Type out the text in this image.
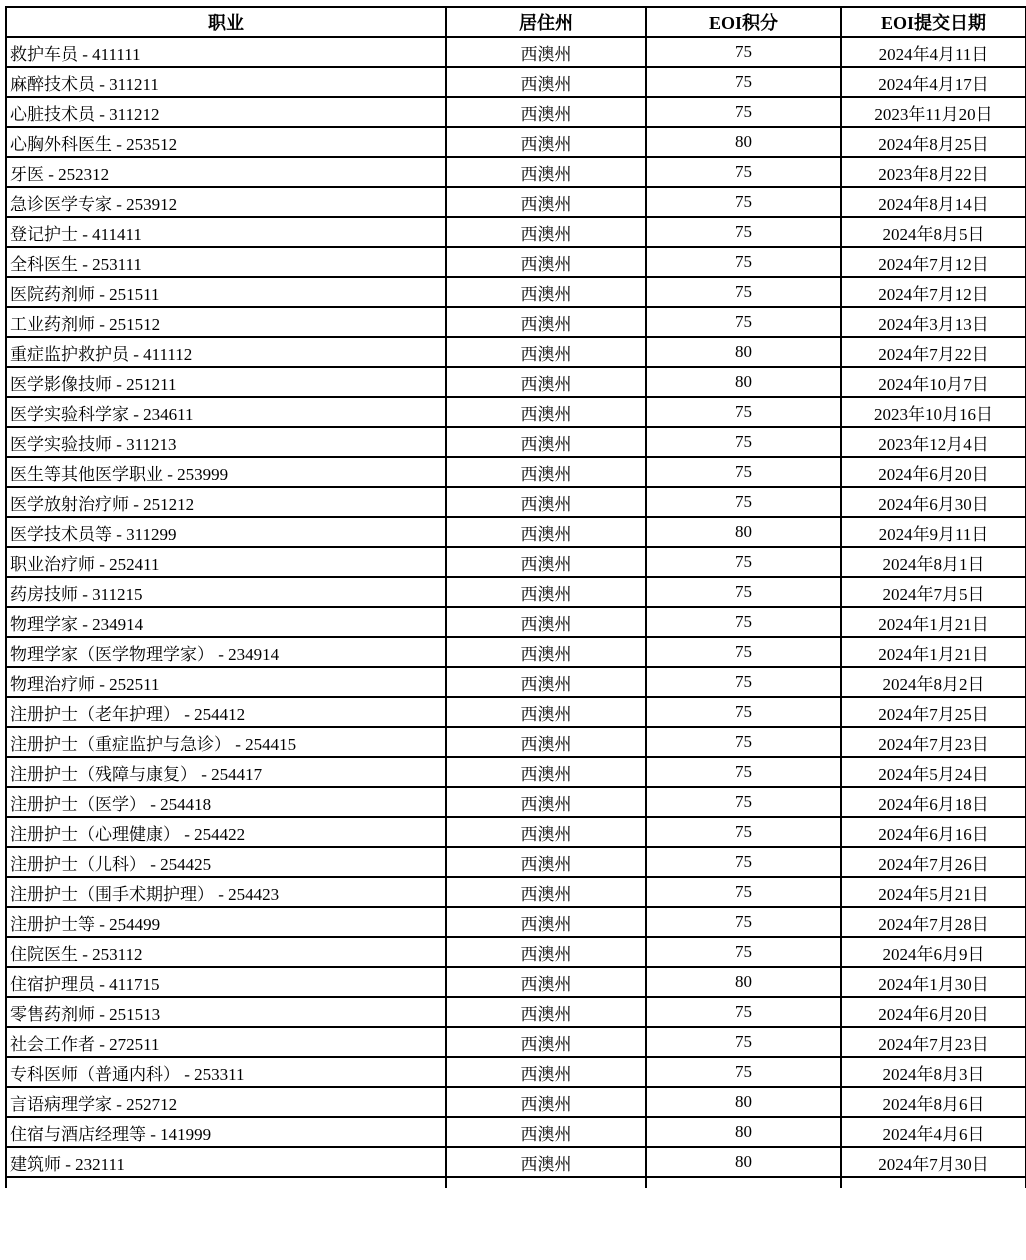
职业	居住州	EOI积分	EOI提交日期
救护车员 - 411111	西澳州	75	2024年4月11日
麻醉技术员 - 311211	西澳州	75	2024年4月17日
心脏技术员 - 311212	西澳州	75	2023年11月20日
心胸外科医生 - 253512	西澳州	80	2024年8月25日
牙医 - 252312	西澳州	75	2023年8月22日
急诊医学专家 - 253912	西澳州	75	2024年8月14日
登记护士 - 411411	西澳州	75	2024年8月5日
全科医生 - 253111	西澳州	75	2024年7月12日
医院药剂师 - 251511	西澳州	75	2024年7月12日
工业药剂师 - 251512	西澳州	75	2024年3月13日
重症监护救护员 - 411112	西澳州	80	2024年7月22日
医学影像技师 - 251211	西澳州	80	2024年10月7日
医学实验科学家 - 234611	西澳州	75	2023年10月16日
医学实验技师 - 311213	西澳州	75	2023年12月4日
医生等其他医学职业 - 253999	西澳州	75	2024年6月20日
医学放射治疗师 - 251212	西澳州	75	2024年6月30日
医学技术员等 - 311299	西澳州	80	2024年9月11日
职业治疗师 - 252411	西澳州	75	2024年8月1日
药房技师 - 311215	西澳州	75	2024年7月5日
物理学家 - 234914	西澳州	75	2024年1月21日
物理学家（医学物理学家） - 234914	西澳州	75	2024年1月21日
物理治疗师 - 252511	西澳州	75	2024年8月2日
注册护士（老年护理） - 254412	西澳州	75	2024年7月25日
注册护士（重症监护与急诊） - 254415	西澳州	75	2024年7月23日
注册护士（残障与康复） - 254417	西澳州	75	2024年5月24日
注册护士（医学） - 254418	西澳州	75	2024年6月18日
注册护士（心理健康） - 254422	西澳州	75	2024年6月16日
注册护士（儿科） - 254425	西澳州	75	2024年7月26日
注册护士（围手术期护理） - 254423	西澳州	75	2024年5月21日
注册护士等 - 254499	西澳州	75	2024年7月28日
住院医生 - 253112	西澳州	75	2024年6月9日
住宿护理员 - 411715	西澳州	80	2024年1月30日
零售药剂师 - 251513	西澳州	75	2024年6月20日
社会工作者 - 272511	西澳州	75	2024年7月23日
专科医师（普通内科） - 253311	西澳州	75	2024年8月3日
言语病理学家 - 252712	西澳州	80	2024年8月6日
住宿与酒店经理等 - 141999	西澳州	80	2024年4月6日
建筑师 - 232111	西澳州	80	2024年7月30日
